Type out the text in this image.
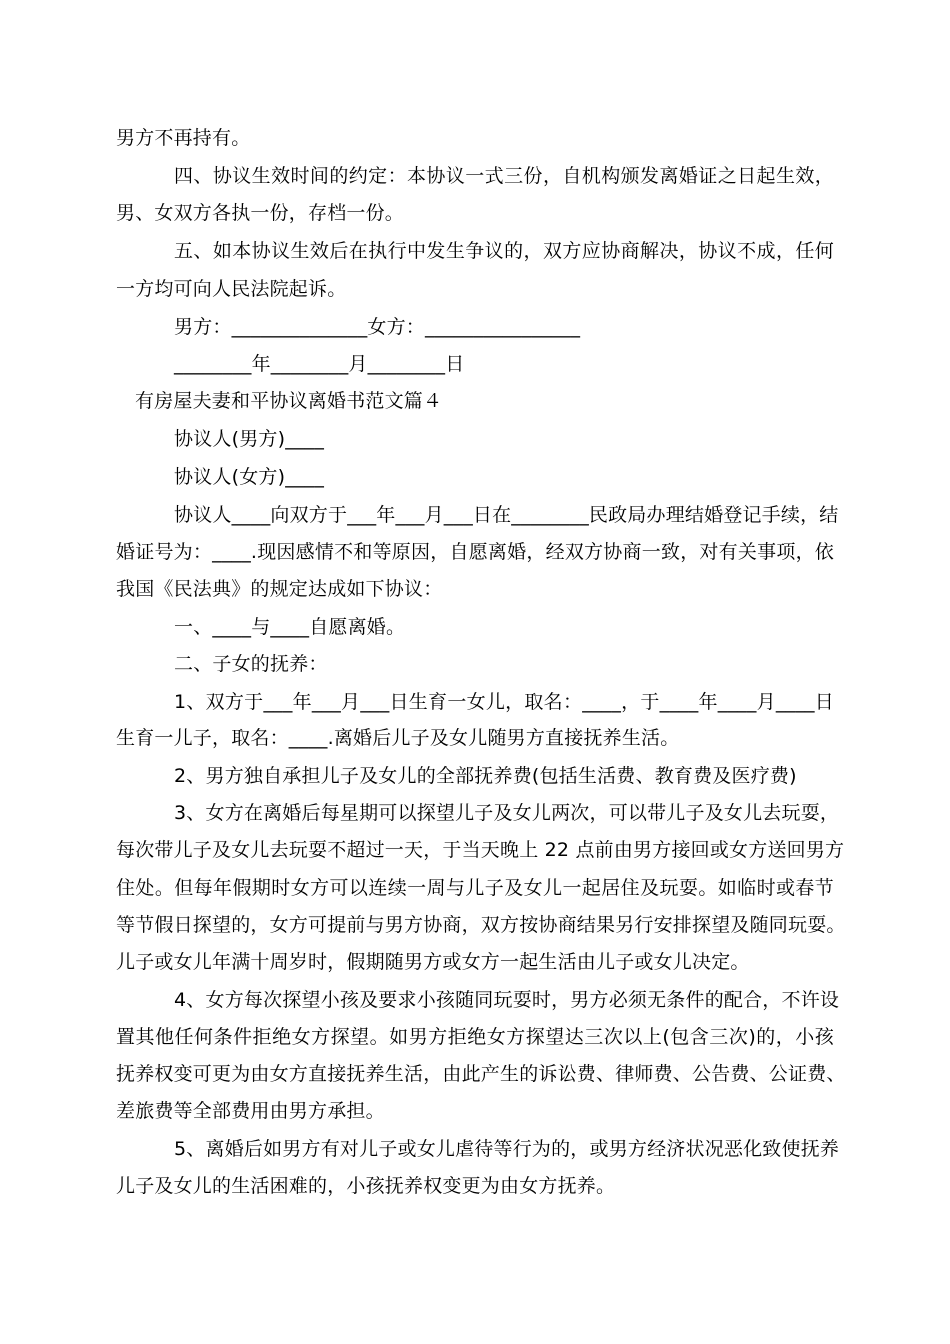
男方不再持有。
四、协议生效时间的约定：本协议一式三份，自机构颁发离婚证之日起生效，
男、女双方各执一份，存档一份。
五、如本协议生效后在执行中发生争议的，双方应协商解决，协议不成，任何
一方均可向人民法院起诉。
男方：______________女方：________________
________年________月________日
有房屋夫妻和平协议离婚书范文篇４
协议人(男方)____
协议人(女方)____
协议人____向双方于___年___月___日在________民政局办理结婚登记手续，结
婚证号为：____.现因感情不和等原因，自愿离婚，经双方协商一致，对有关事项，依
我国《民法典》的规定达成如下协议：
一、____与____自愿离婚。
二、子女的抚养：
1、双方于___年___月___日生育一女儿，取名：____，于____年____月____日
生育一儿子，取名：____.离婚后儿子及女儿随男方直接抚养生活。
2、男方独自承担儿子及女儿的全部抚养费(包括生活费、教育费及医疗费)
3、女方在离婚后每星期可以探望儿子及女儿两次，可以带儿子及女儿去玩耍，
每次带儿子及女儿去玩耍不超过一天，于当天晚上 22 点前由男方接回或女方送回男方
住处。但每年假期时女方可以连续一周与儿子及女儿一起居住及玩耍。如临时或春节
等节假日探望的，女方可提前与男方协商，双方按协商结果另行安排探望及随同玩耍。
儿子或女儿年满十周岁时，假期随男方或女方一起生活由儿子或女儿决定。
4、女方每次探望小孩及要求小孩随同玩耍时，男方必须无条件的配合，不许设
置其他任何条件拒绝女方探望。如男方拒绝女方探望达三次以上(包含三次)的，小孩
抚养权变可更为由女方直接抚养生活，由此产生的诉讼费、律师费、公告费、公证费、
差旅费等全部费用由男方承担。
5、离婚后如男方有对儿子或女儿虐待等行为的，或男方经济状况恶化致使抚养
儿子及女儿的生活困难的，小孩抚养权变更为由女方抚养。
